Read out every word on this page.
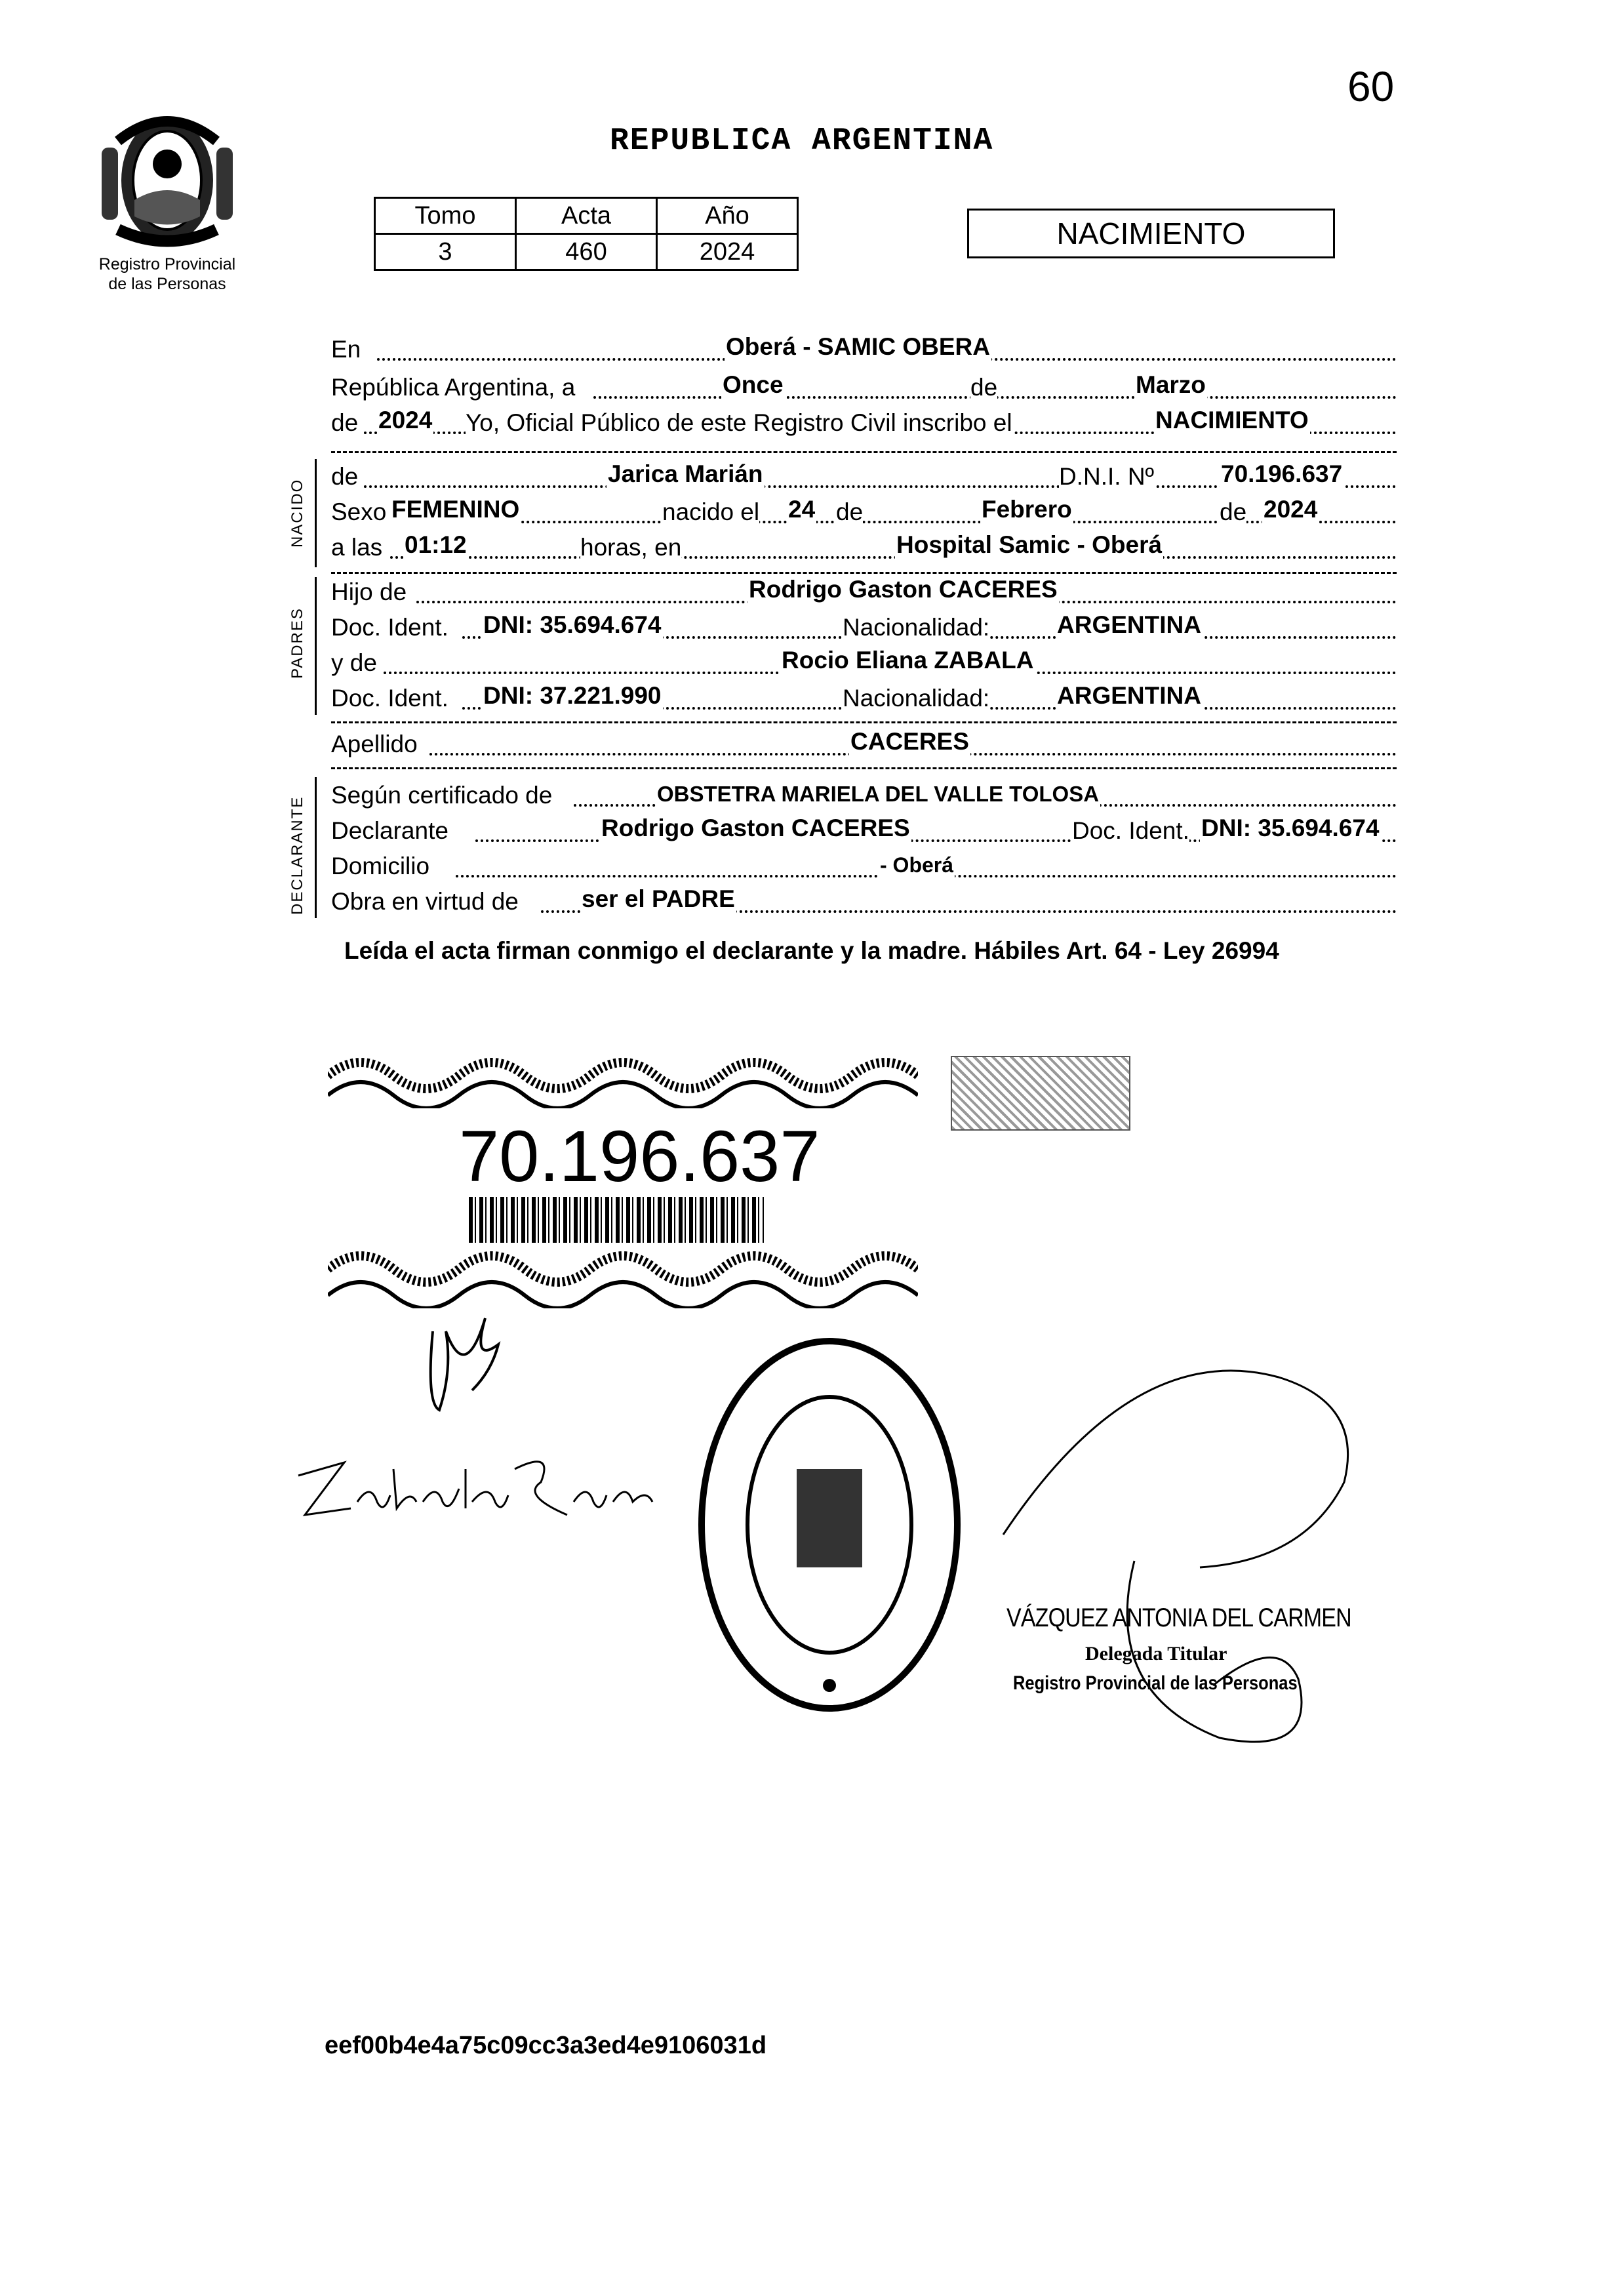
60
Registro Provincial
de las Personas
REPUBLICA ARGENTINA
Tomo	Acta	Año
3	460	2024
NACIMIENTO
En	Oberá - SAMIC OBERA
República Argentina, a	Once	de	Marzo
de 2024 Yo, Oficial Público de este Registro Civil inscribo el	NACIMIENTO
NACIDO
de	Jarica Marián	D.N.I. Nº	70.196.637
Sexo FEMENINO	nacido el 24 de	Febrero	de 2024
a las 01:12	horas, en	Hospital Samic - Oberá
PADRES
Hijo de	Rodrigo Gaston CACERES
Doc. Ident. DNI: 35.694.674	Nacionalidad:	ARGENTINA
y de	Rocio Eliana ZABALA
Doc. Ident. DNI: 37.221.990	Nacionalidad:	ARGENTINA
Apellido	CACERES
DECLARANTE
Según certificado de	OBSTETRA MARIELA DEL VALLE TOLOSA
Declarante	Rodrigo Gaston CACERES	Doc. Ident. DNI: 35.694.674
Domicilio	- Oberá
Obra en virtud de	ser el PADRE
Leída el acta firman conmigo el declarante y la madre. Hábiles Art. 64 - Ley 26994
70.196.637
VÁZQUEZ ANTONIA DEL CARMEN
Delegada Titular
Registro Provincial de las Personas
eef00b4e4a75c09cc3a3ed4e9106031d
